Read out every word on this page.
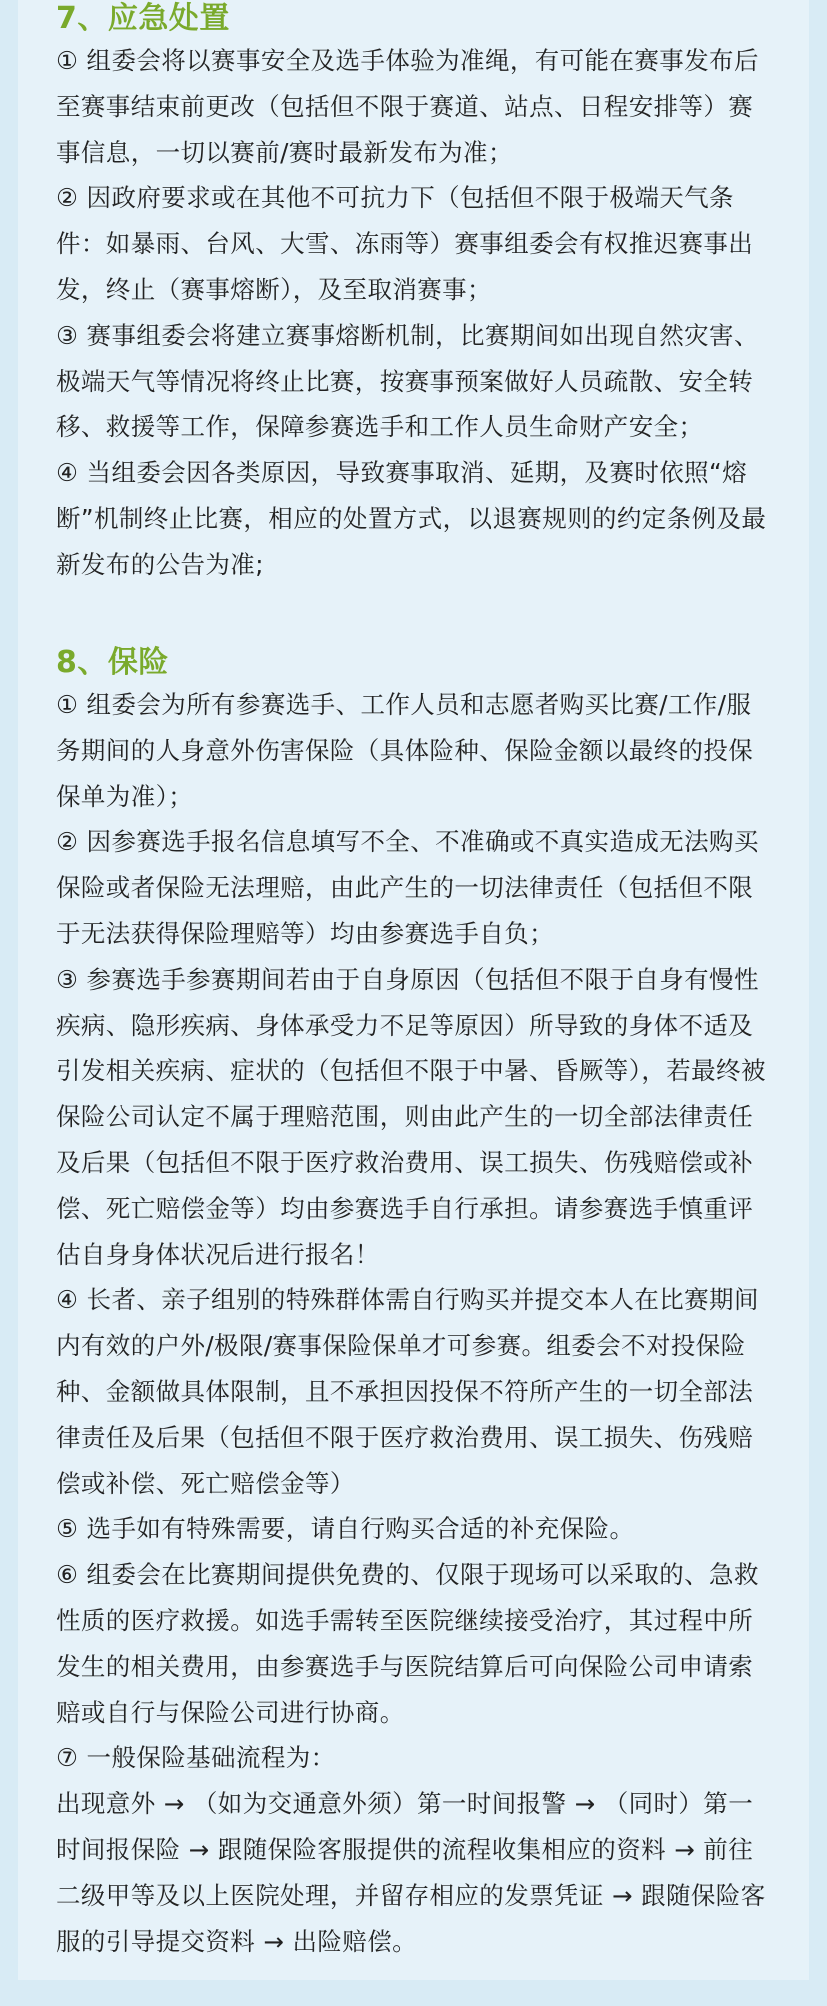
7、应急处置

① 组委会将以赛事安全及选手体验为准绳，有可能在赛事发布后至赛事结束前更改（包括但不限于赛道、站点、日程安排等）赛事信息，一切以赛前/赛时最新发布为准；

② 因政府要求或在其他不可抗力下（包括但不限于极端天气条件：如暴雨、台风、大雪、冻雨等）赛事组委会有权推迟赛事出发，终止（赛事熔断），及至取消赛事；

③ 赛事组委会将建立赛事熔断机制，比赛期间如出现自然灾害、极端天气等情况将终止比赛，按赛事预案做好人员疏散、安全转移、救援等工作，保障参赛选手和工作人员生命财产安全；

④ 当组委会因各类原因，导致赛事取消、延期，及赛时依照“熔断”机制终止比赛，相应的处置方式，以退赛规则的约定条例及最新发布的公告为准;

8、保险

① 组委会为所有参赛选手、工作人员和志愿者购买比赛/工作/服务期间的人身意外伤害保险（具体险种、保险金额以最终的投保保单为准）；

② 因参赛选手报名信息填写不全、不准确或不真实造成无法购买保险或者保险无法理赔，由此产生的一切法律责任（包括但不限于无法获得保险理赔等）均由参赛选手自负；

③ 参赛选手参赛期间若由于自身原因（包括但不限于自身有慢性疾病、隐形疾病、身体承受力不足等原因）所导致的身体不适及引发相关疾病、症状的（包括但不限于中暑、昏厥等），若最终被保险公司认定不属于理赔范围，则由此产生的一切全部法律责任及后果（包括但不限于医疗救治费用、误工损失、伤残赔偿或补偿、死亡赔偿金等）均由参赛选手自行承担。请参赛选手慎重评估自身身体状况后进行报名！

④ 长者、亲子组别的特殊群体需自行购买并提交本人在比赛期间内有效的户外/极限/赛事保险保单才可参赛。组委会不对投保险种、金额做具体限制，且不承担因投保不符所产生的一切全部法律责任及后果（包括但不限于医疗救治费用、误工损失、伤残赔偿或补偿、死亡赔偿金等）

⑤ 选手如有特殊需要，请自行购买合适的补充保险。

⑥ 组委会在比赛期间提供免费的、仅限于现场可以采取的、急救性质的医疗救援。如选手需转至医院继续接受治疗，其过程中所发生的相关费用，由参赛选手与医院结算后可向保险公司申请索赔或自行与保险公司进行协商。

⑦ 一般保险基础流程为：

出现意外 → （如为交通意外须）第一时间报警 → （同时）第一时间报保险 → 跟随保险客服提供的流程收集相应的资料 → 前往二级甲等及以上医院处理，并留存相应的发票凭证 → 跟随保险客服的引导提交资料 → 出险赔偿。
